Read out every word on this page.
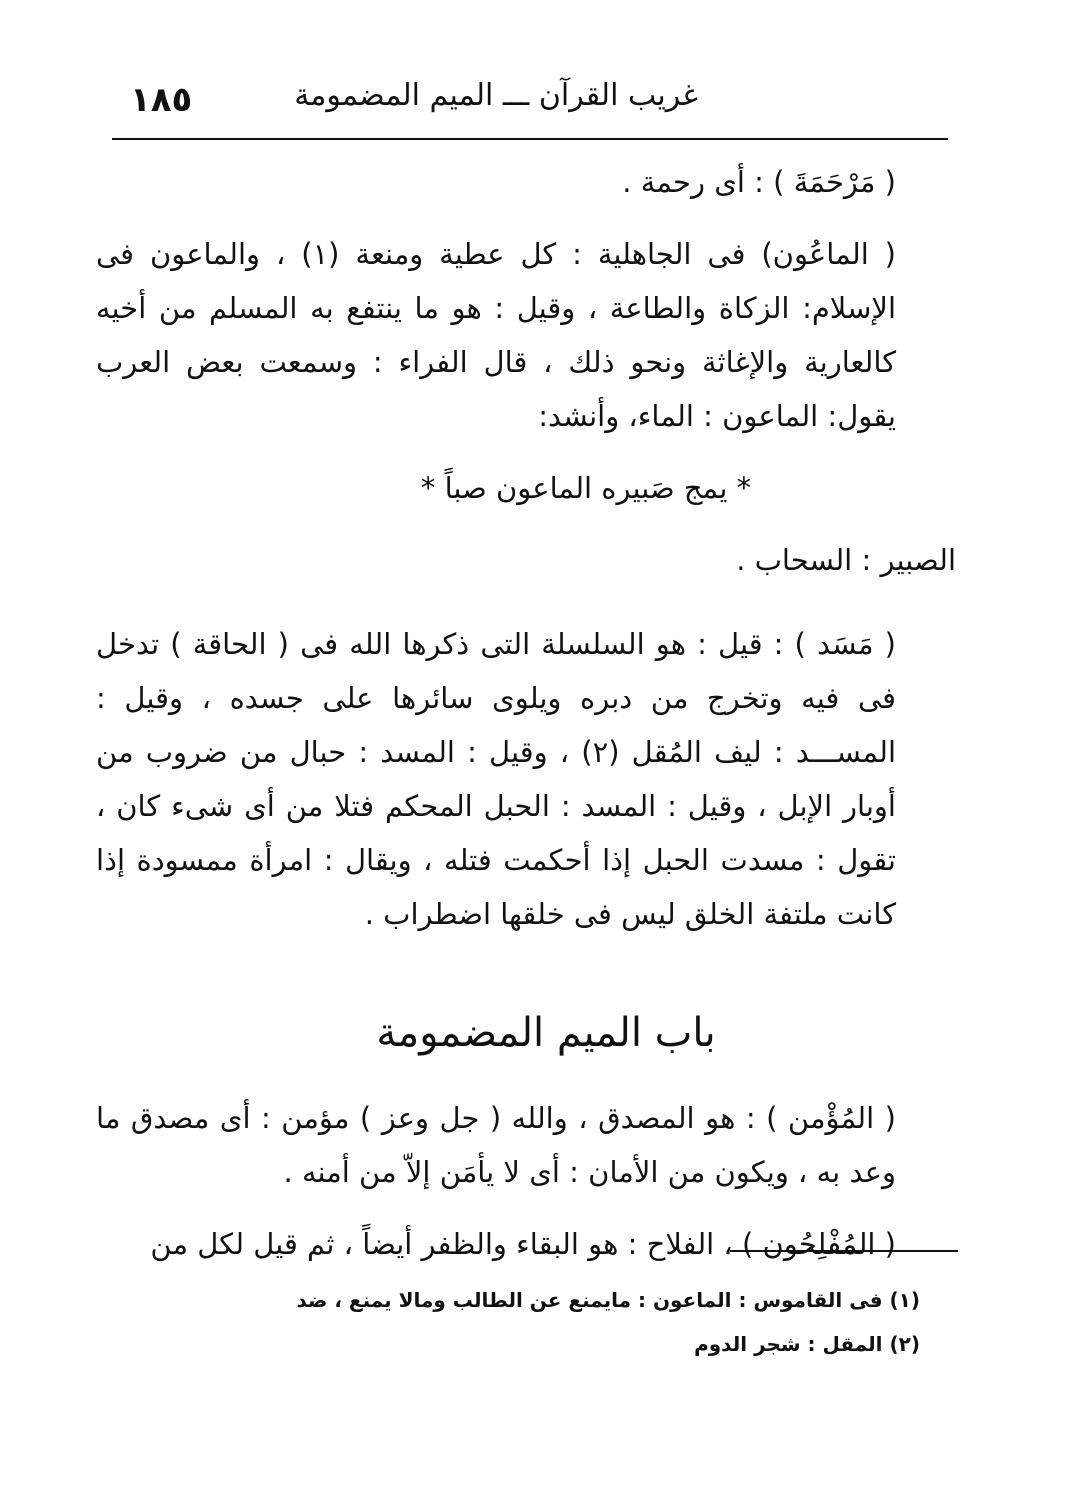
١٨٥	غريب القرآن ـــ الميم المضمومة

( مَرْحَمَةَ ) : أى رحمة .

( الماعُون) فى الجاهلية : كل عطية ومنعة ‎(١)‎ ، والماعون فى الإسلام: الزكاة والطاعة ، وقيل : هو ما ينتفع به المسلم من أخيه كالعارية والإغاثة ونحو ذلك ، قال الفراء : وسمعت بعض العرب يقول: الماعون : الماء، وأنشد:

* يمج صَبيره الماعون صباً *

الصبير : السحاب .

( مَسَد ) : قيل : هو السلسلة التى ذكرها الله فى ( الحاقة ) تدخل فى فيه وتخرج من دبره ويلوى سائرها على جسده ، وقيل : المســـد : ليف المُقل ‎(٢)‎ ، وقيل : المسد : حبال من ضروب من أوبار الإبل ، وقيل : المسد : الحبل المحكم فتلا من أى شىء كان ، تقول : مسدت الحبل إذا أحكمت فتله ، ويقال : امرأة ممسودة إذا كانت ملتفة الخلق ليس فى خلقها اضطراب .

باب الميم المضمومة

( المُؤْمن ) : هو المصدق ، والله ( جل وعز ) مؤمن : أى مصدق ما وعد به ، ويكون من الأمان : أى لا يأمَن إلاّ من أمنه .

( المُفْلِحُون ) ، الفلاح : هو البقاء والظفر أيضاً ، ثم قيل لكل من

(١) فى القاموس : الماعون : مايمنع عن الطالب ومالا يمنع ، ضد

(٢) المقل : شجر الدوم
